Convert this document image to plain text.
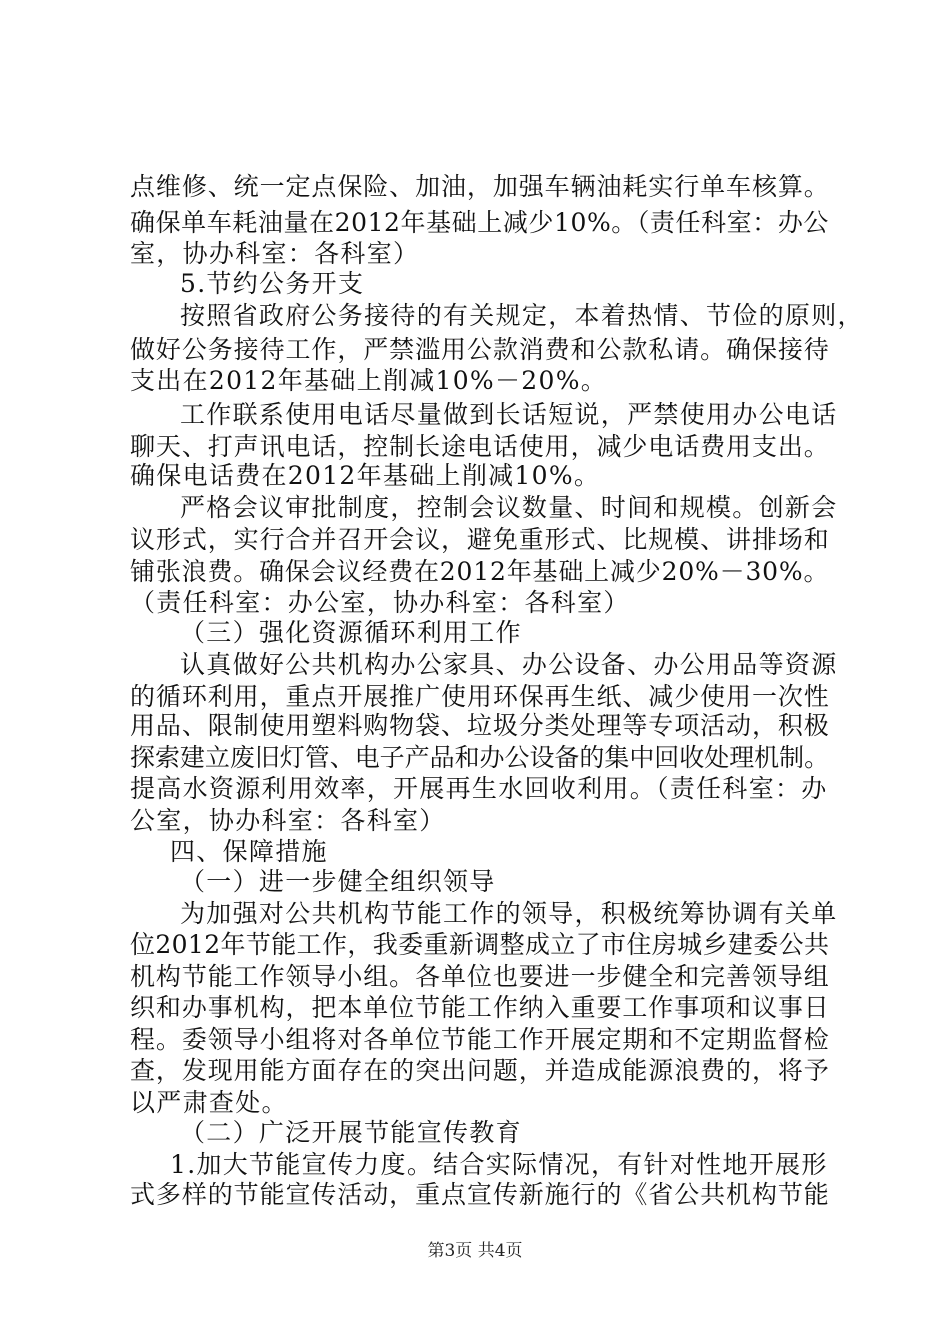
点维修、统一定点保险、加油，加强车辆油耗实行单车核算。
确保单车耗油量在2012年基础上减少10%。（责任科室：办公
室，协办科室：各科室）
5.节约公务开支
按照省政府公务接待的有关规定，本着热情、节俭的原则，
做好公务接待工作，严禁滥用公款消费和公款私请。确保接待
支出在2012年基础上削减10%－20%。
工作联系使用电话尽量做到长话短说，严禁使用办公电话
聊天、打声讯电话，控制长途电话使用，减少电话费用支出。
确保电话费在2012年基础上削减10%。
严格会议审批制度，控制会议数量、时间和规模。创新会
议形式，实行合并召开会议，避免重形式、比规模、讲排场和
铺张浪费。确保会议经费在2012年基础上减少20%－30%。
（责任科室：办公室，协办科室：各科室）
（三）强化资源循环利用工作
认真做好公共机构办公家具、办公设备、办公用品等资源
的循环利用，重点开展推广使用环保再生纸、减少使用一次性
用品、限制使用塑料购物袋、垃圾分类处理等专项活动，积极
探索建立废旧灯管、电子产品和办公设备的集中回收处理机制。
提高水资源利用效率，开展再生水回收利用。（责任科室：办
公室，协办科室：各科室）
四、保障措施
（一）进一步健全组织领导
为加强对公共机构节能工作的领导，积极统筹协调有关单
位2012年节能工作，我委重新调整成立了市住房城乡建委公共
机构节能工作领导小组。各单位也要进一步健全和完善领导组
织和办事机构，把本单位节能工作纳入重要工作事项和议事日
程。委领导小组将对各单位节能工作开展定期和不定期监督检
查，发现用能方面存在的突出问题，并造成能源浪费的，将予
以严肃查处。
（二）广泛开展节能宣传教育
1.加大节能宣传力度。结合实际情况，有针对性地开展形
式多样的节能宣传活动，重点宣传新施行的《省公共机构节能
第3页 共4页
